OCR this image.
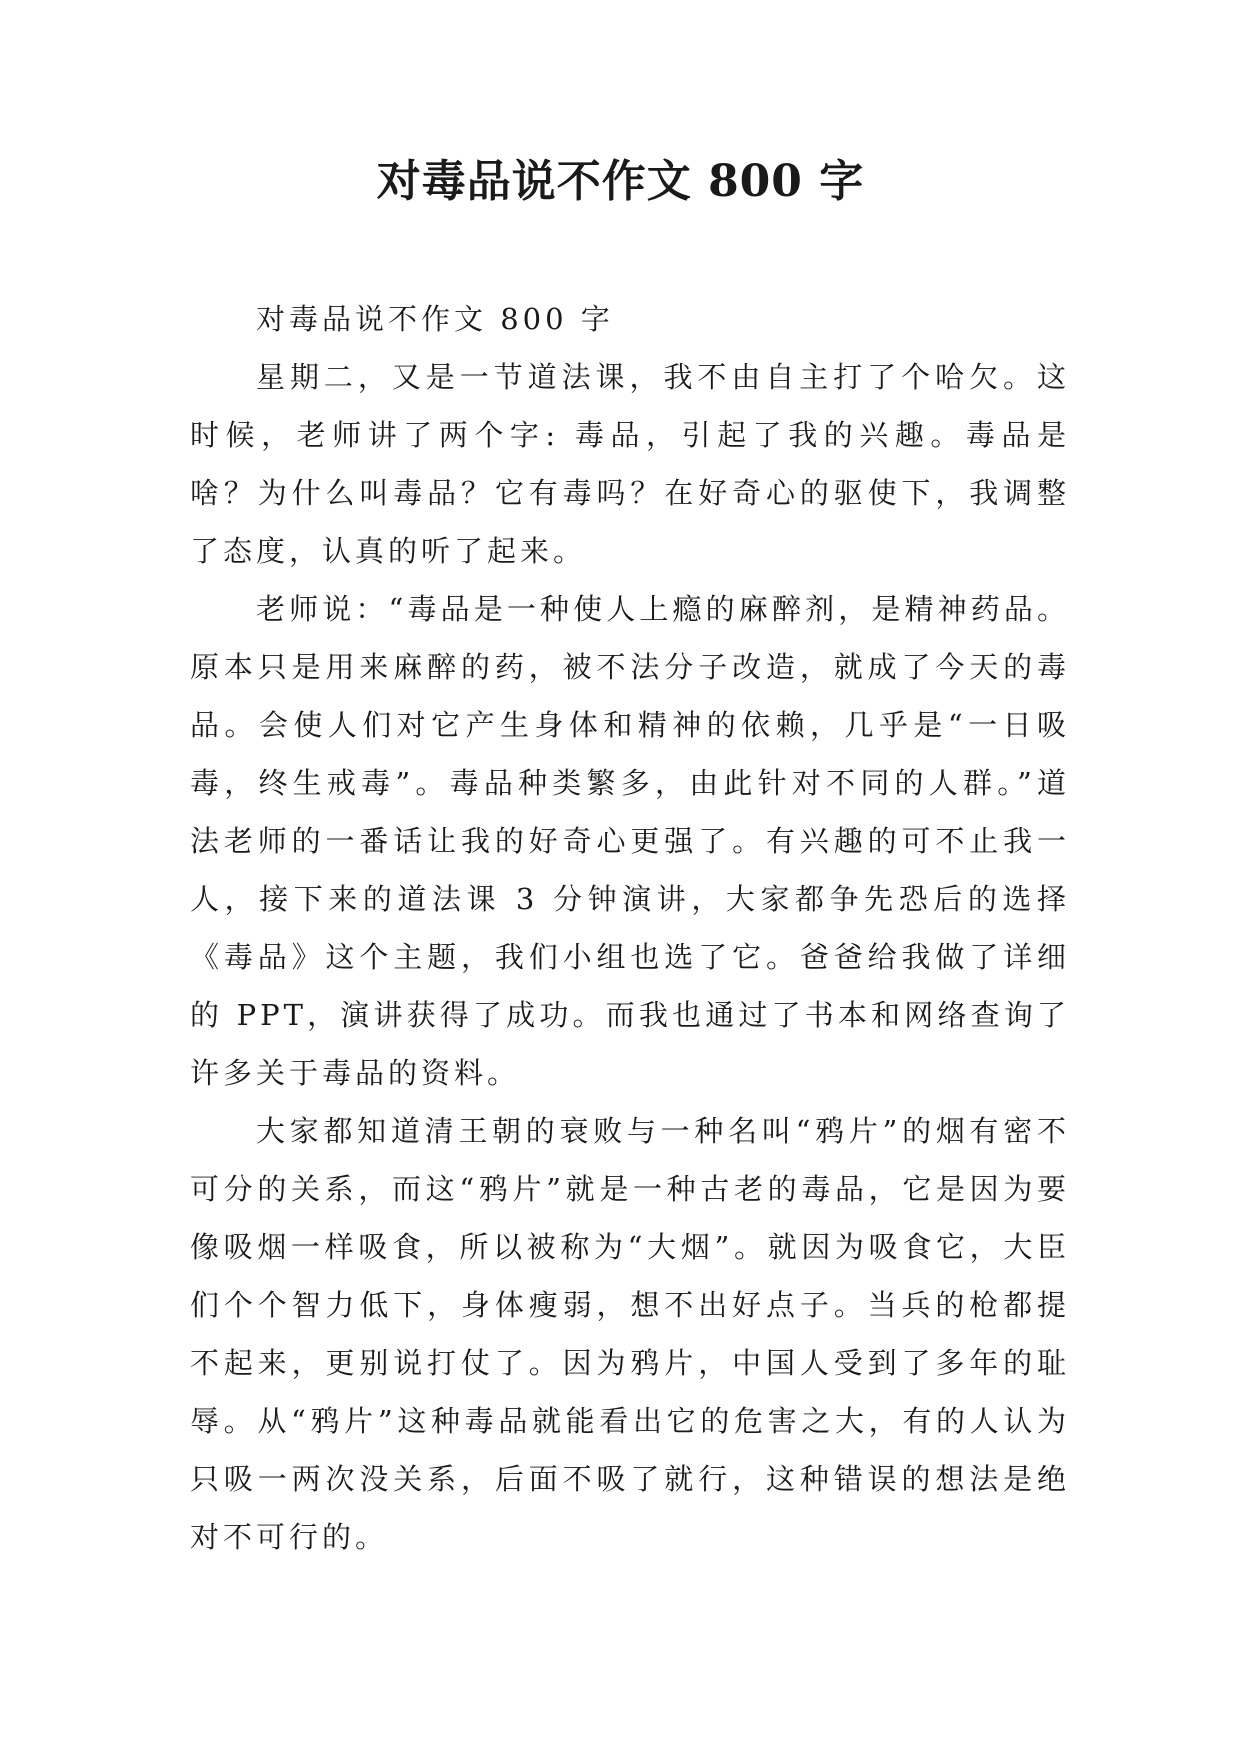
对毒品说不作文 800 字

对毒品说不作文 800 字

星期二，又是一节道法课，我不由自主打了个哈欠。这时候，老师讲了两个字: 毒品，引起了我的兴趣。毒品是啥？为什么叫毒品？它有毒吗？在好奇心的驱使下，我调整了态度，认真的听了起来。

老师说：“毒品是一种使人上瘾的麻醉剂，是精神药品。原本只是用来麻醉的药，被不法分子改造，就成了今天的毒品。会使人们对它产生身体和精神的依赖，几乎是“一日吸毒，终生戒毒”。毒品种类繁多，由此针对不同的人群。”道法老师的一番话让我的好奇心更强了。有兴趣的可不止我一人，接下来的道法课 3 分钟演讲，大家都争先恐后的选择《毒品》这个主题，我们小组也选了它。爸爸给我做了详细的 PPT，演讲获得了成功。而我也通过了书本和网络查询了许多关于毒品的资料。

大家都知道清王朝的衰败与一种名叫“鸦片”的烟有密不可分的关系，而这“鸦片”就是一种古老的毒品，它是因为要像吸烟一样吸食，所以被称为“大烟”。就因为吸食它，大臣们个个智力低下，身体瘦弱，想不出好点子。当兵的枪都提不起来，更别说打仗了。因为鸦片，中国人受到了多年的耻辱。从“鸦片”这种毒品就能看出它的危害之大，有的人认为只吸一两次没关系，后面不吸了就行，这种错误的想法是绝对不可行的。
